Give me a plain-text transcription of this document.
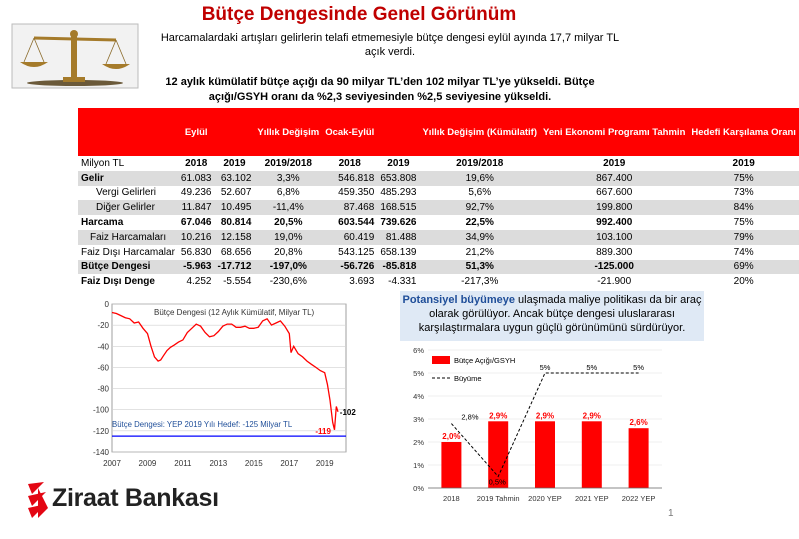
Bütçe Dengesinde Genel Görünüm
Harcamalardaki artışları gelirlerin telafi etmemesiyle bütçe dengesi eylül ayında 17,7 milyar TL açık verdi.
12 aylık kümülatif bütçe açığı da 90 milyar TL’den 102 milyar TL’ye yükseldi. Bütçe açığı/GSYH oranı da %2,3 seviyesinden %2,5 seviyesine yükseldi.
	Eylül		Yıllık Değişim	Ocak-Eylül		Yıllık Değişim (Kümülatif)	Yeni Ekonomi Programı Tahmin	Hedefi Karşılama Oranı
Milyon TL	2018	2019	2019/2018	2018	2019	2019/2018	2019	2019
Gelir	61.083	63.102	3,3%	546.818	653.808	19,6%	867.400	75%
Vergi Gelirleri	49.236	52.607	6,8%	459.350	485.293	5,6%	667.600	73%
Diğer Gelirler	11.847	10.495	-11,4%	87.468	168.515	92,7%	199.800	84%
Harcama	67.046	80.814	20,5%	603.544	739.626	22,5%	992.400	75%
Faiz Harcamaları	10.216	12.158	19,0%	60.419	81.488	34,9%	103.100	79%
Faiz Dışı Harcamalar	56.830	68.656	20,8%	543.125	658.139	21,2%	889.300	74%
Bütçe Dengesi	-5.963	-17.712	-197,0%	-56.726	-85.818	51,3%	-125.000	69%
Faiz Dışı Denge	4.252	-5.554	-230,6%	3.693	-4.331	-217,3%	-21.900	20%
0
-20
-40
-60
-80
-100
-120
-140
2007 2009 2011 2013 2015 2017 2019
Bütçe Dengesi (12 Aylık Kümülatif, Milyar TL)
Bütçe Dengesi: YEP 2019 Yılı Hedef: -125 Milyar TL
-119
-102
Potansiyel büyümeye ulaşmada maliye politikası da bir araç olarak görülüyor. Ancak bütçe dengesi uluslararası karşılaştırmalara uygun güçlü görünümünü sürdürüyor.
6%
5%
4%
3%
2%
1%
0%
2,0%
2,9%	2,9%	2,9%
2,6%
2018 2019 Tahmin 2020 YEP 2021 YEP 2022 YEP
2,8%
0,5%
5%	5%	5%
Bütçe Açığı/GSYH
Büyüme
Ziraat Bankası
1
